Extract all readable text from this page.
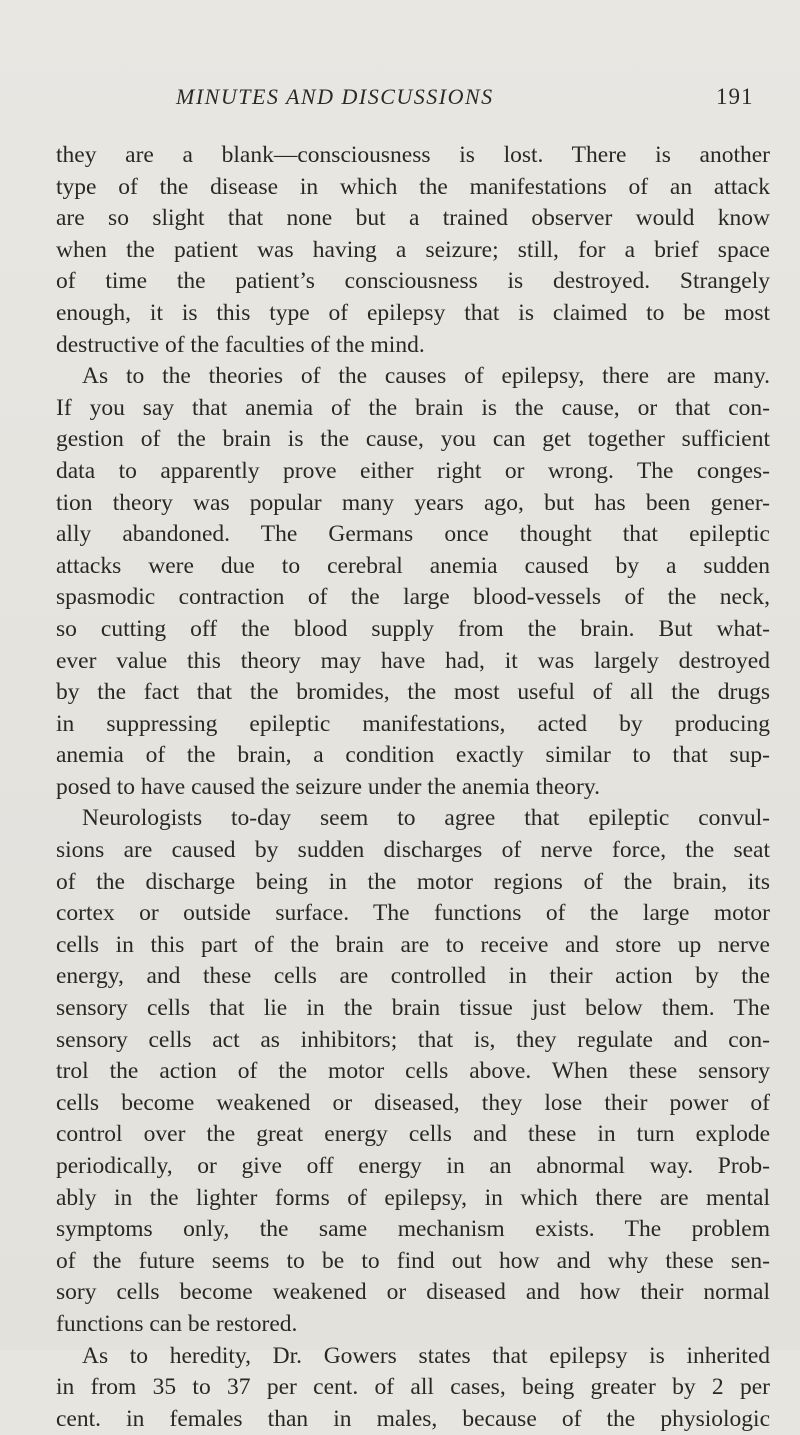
MINUTES AND DISCUSSIONS	191
they are a blank—consciousness is lost. There is another
type of the disease in which the manifestations of an attack
are so slight that none but a trained observer would know
when the patient was having a seizure; still, for a brief space
of time the patient’s consciousness is destroyed. Strangely
enough, it is this type of epilepsy that is claimed to be most
destructive of the faculties of the mind.
As to the theories of the causes of epilepsy, there are many.
If you say that anemia of the brain is the cause, or that con-
gestion of the brain is the cause, you can get together sufficient
data to apparently prove either right or wrong. The conges-
tion theory was popular many years ago, but has been gener-
ally abandoned. The Germans once thought that epileptic
attacks were due to cerebral anemia caused by a sudden
spasmodic contraction of the large blood-vessels of the neck,
so cutting off the blood supply from the brain. But what-
ever value this theory may have had, it was largely destroyed
by the fact that the bromides, the most useful of all the drugs
in suppressing epileptic manifestations, acted by producing
anemia of the brain, a condition exactly similar to that sup-
posed to have caused the seizure under the anemia theory.
Neurologists to-day seem to agree that epileptic convul-
sions are caused by sudden discharges of nerve force, the seat
of the discharge being in the motor regions of the brain, its
cortex or outside surface. The functions of the large motor
cells in this part of the brain are to receive and store up nerve
energy, and these cells are controlled in their action by the
sensory cells that lie in the brain tissue just below them. The
sensory cells act as inhibitors; that is, they regulate and con-
trol the action of the motor cells above. When these sensory
cells become weakened or diseased, they lose their power of
control over the great energy cells and these in turn explode
periodically, or give off energy in an abnormal way. Prob-
ably in the lighter forms of epilepsy, in which there are mental
symptoms only, the same mechanism exists. The problem
of the future seems to be to find out how and why these sen-
sory cells become weakened or diseased and how their normal
functions can be restored.
As to heredity, Dr. Gowers states that epilepsy is inherited
in from 35 to 37 per cent. of all cases, being greater by 2 per
cent. in females than in males, because of the physiologic
